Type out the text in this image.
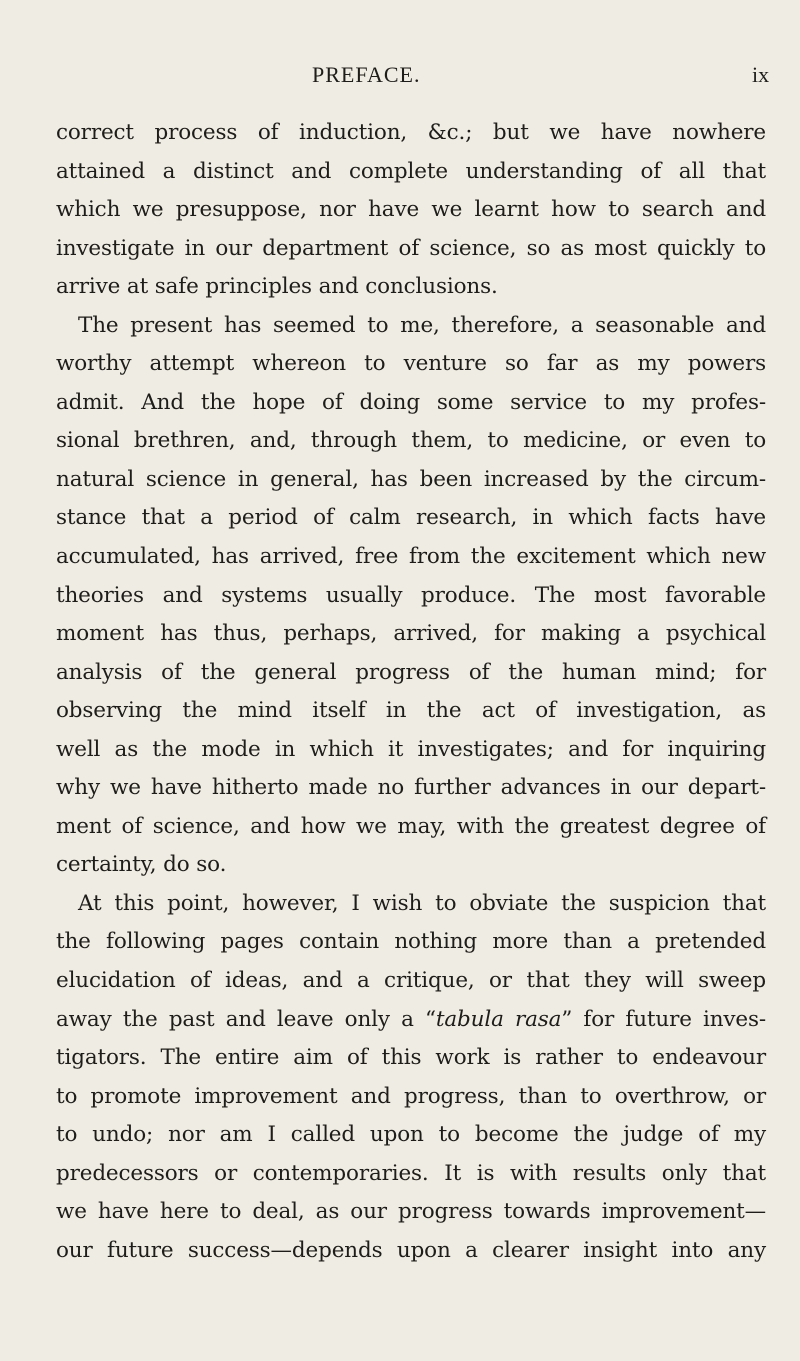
PREFACE.	ix
correct process of induction, &c.; but we have nowhere
attained a distinct and complete understanding of all that
which we presuppose, nor have we learnt how to search and
investigate in our department of science, so as most quickly to
arrive at safe principles and conclusions.
The present has seemed to me, therefore, a seasonable and
worthy attempt whereon to venture so far as my powers
admit. And the hope of doing some service to my profes-
sional brethren, and, through them, to medicine, or even to
natural science in general, has been increased by the circum-
stance that a period of calm research, in which facts have
accumulated, has arrived, free from the excitement which new
theories and systems usually produce. The most favorable
moment has thus, perhaps, arrived, for making a psychical
analysis of the general progress of the human mind; for
observing the mind itself in the act of investigation, as
well as the mode in which it investigates; and for inquiring
why we have hitherto made no further advances in our depart-
ment of science, and how we may, with the greatest degree of
certainty, do so.
At this point, however, I wish to obviate the suspicion that
the following pages contain nothing more than a pretended
elucidation of ideas, and a critique, or that they will sweep
away the past and leave only a “tabula rasa” for future inves-
tigators. The entire aim of this work is rather to endeavour
to promote improvement and progress, than to overthrow, or
to undo; nor am I called upon to become the judge of my
predecessors or contemporaries. It is with results only that
we have here to deal, as our progress towards improvement—
our future success—depends upon a clearer insight into any
